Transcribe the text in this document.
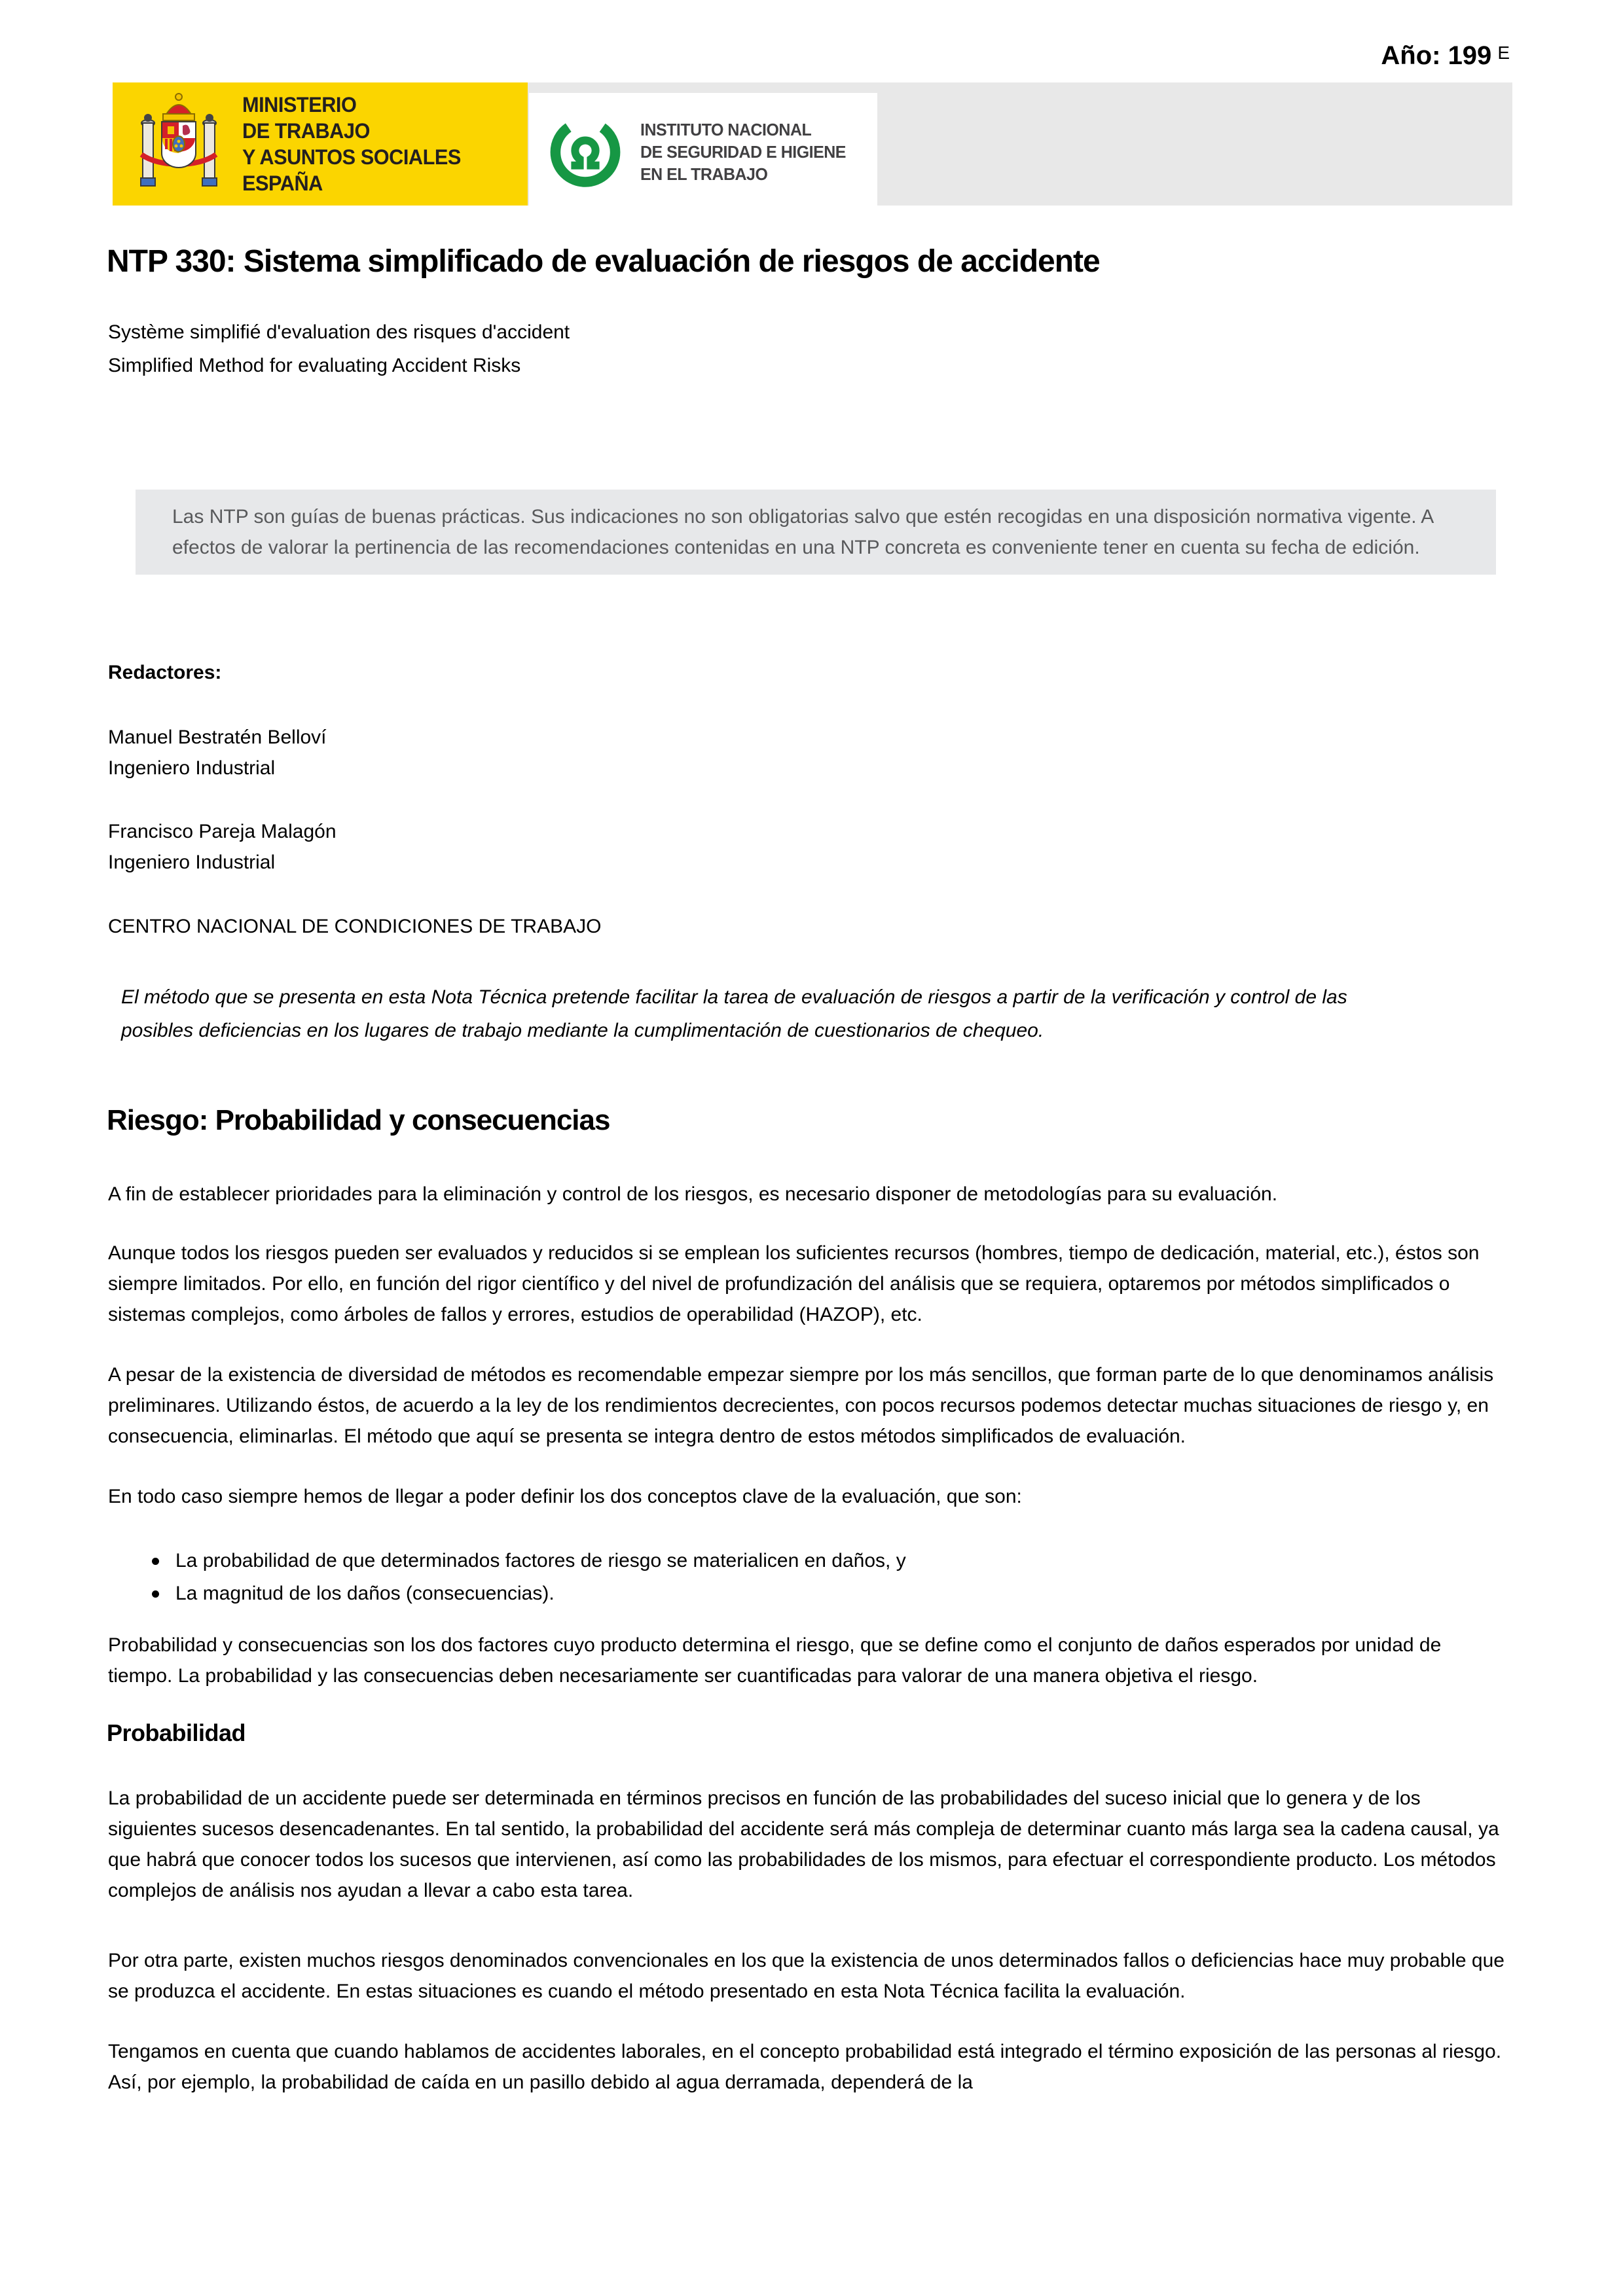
Año: 199 $^E$
MINISTERIO
DE TRABAJO
Y ASUNTOS SOCIALES
ESPAÑA
INSTITUTO NACIONAL
DE SEGURIDAD E HIGIENE
EN EL TRABAJO
NTP 330: Sistema simplificado de evaluación de riesgos de accidente

Système simplifié d'evaluation des risques d'accident

Simplified Method for evaluating Accident Risks

Las NTP son guías de buenas prácticas. Sus indicaciones no son obligatorias salvo que estén recogidas en una disposición normativa vigente. A efectos de valorar la pertinencia de las recomendaciones contenidas en una NTP concreta es conveniente tener en cuenta su fecha de edición.

Redactores:

Manuel Bestratén Belloví

Ingeniero Industrial

Francisco Pareja Malagón

Ingeniero Industrial

CENTRO NACIONAL DE CONDICIONES DE TRABAJO

El método que se presenta en esta Nota Técnica pretende facilitar la tarea de evaluación de riesgos a partir de la verificación y control de las posibles deficiencias en los lugares de trabajo mediante la cumplimentación de cuestionarios de chequeo.

Riesgo: Probabilidad y consecuencias

A fin de establecer prioridades para la eliminación y control de los riesgos, es necesario disponer de metodologías para su evaluación.

Aunque todos los riesgos pueden ser evaluados y reducidos si se emplean los suficientes recursos (hombres, tiempo de dedicación, material, etc.), éstos son siempre limitados. Por ello, en función del rigor científico y del nivel de profundización del análisis que se requiera, optaremos por métodos simplificados o sistemas complejos, como árboles de fallos y errores, estudios de operabilidad (HAZOP), etc.

A pesar de la existencia de diversidad de métodos es recomendable empezar siempre por los más sencillos, que forman parte de lo que denominamos análisis preliminares. Utilizando éstos, de acuerdo a la ley de los rendimientos decrecientes, con pocos recursos podemos detectar muchas situaciones de riesgo y, en consecuencia, eliminarlas. El método que aquí se presenta se integra dentro de estos métodos simplificados de evaluación.

En todo caso siempre hemos de llegar a poder definir los dos conceptos clave de la evaluación, que son:

La probabilidad de que determinados factores de riesgo se materialicen en daños, y
La magnitud de los daños (consecuencias).

Probabilidad y consecuencias son los dos factores cuyo producto determina el riesgo, que se define como el conjunto de daños esperados por unidad de tiempo. La probabilidad y las consecuencias deben necesariamente ser cuantificadas para valorar de una manera objetiva el riesgo.

Probabilidad

La probabilidad de un accidente puede ser determinada en términos precisos en función de las probabilidades del suceso inicial que lo genera y de los siguientes sucesos desencadenantes. En tal sentido, la probabilidad del accidente será más compleja de determinar cuanto más larga sea la cadena causal, ya que habrá que conocer todos los sucesos que intervienen, así como las probabilidades de los mismos, para efectuar el correspondiente producto. Los métodos complejos de análisis nos ayudan a llevar a cabo esta tarea.

Por otra parte, existen muchos riesgos denominados convencionales en los que la existencia de unos determinados fallos o deficiencias hace muy probable que se produzca el accidente. En estas situaciones es cuando el método presentado en esta Nota Técnica facilita la evaluación.

Tengamos en cuenta que cuando hablamos de accidentes laborales, en el concepto probabilidad está integrado el término exposición de las personas al riesgo. Así, por ejemplo, la probabilidad de caída en un pasillo debido al agua derramada, dependerá de la
